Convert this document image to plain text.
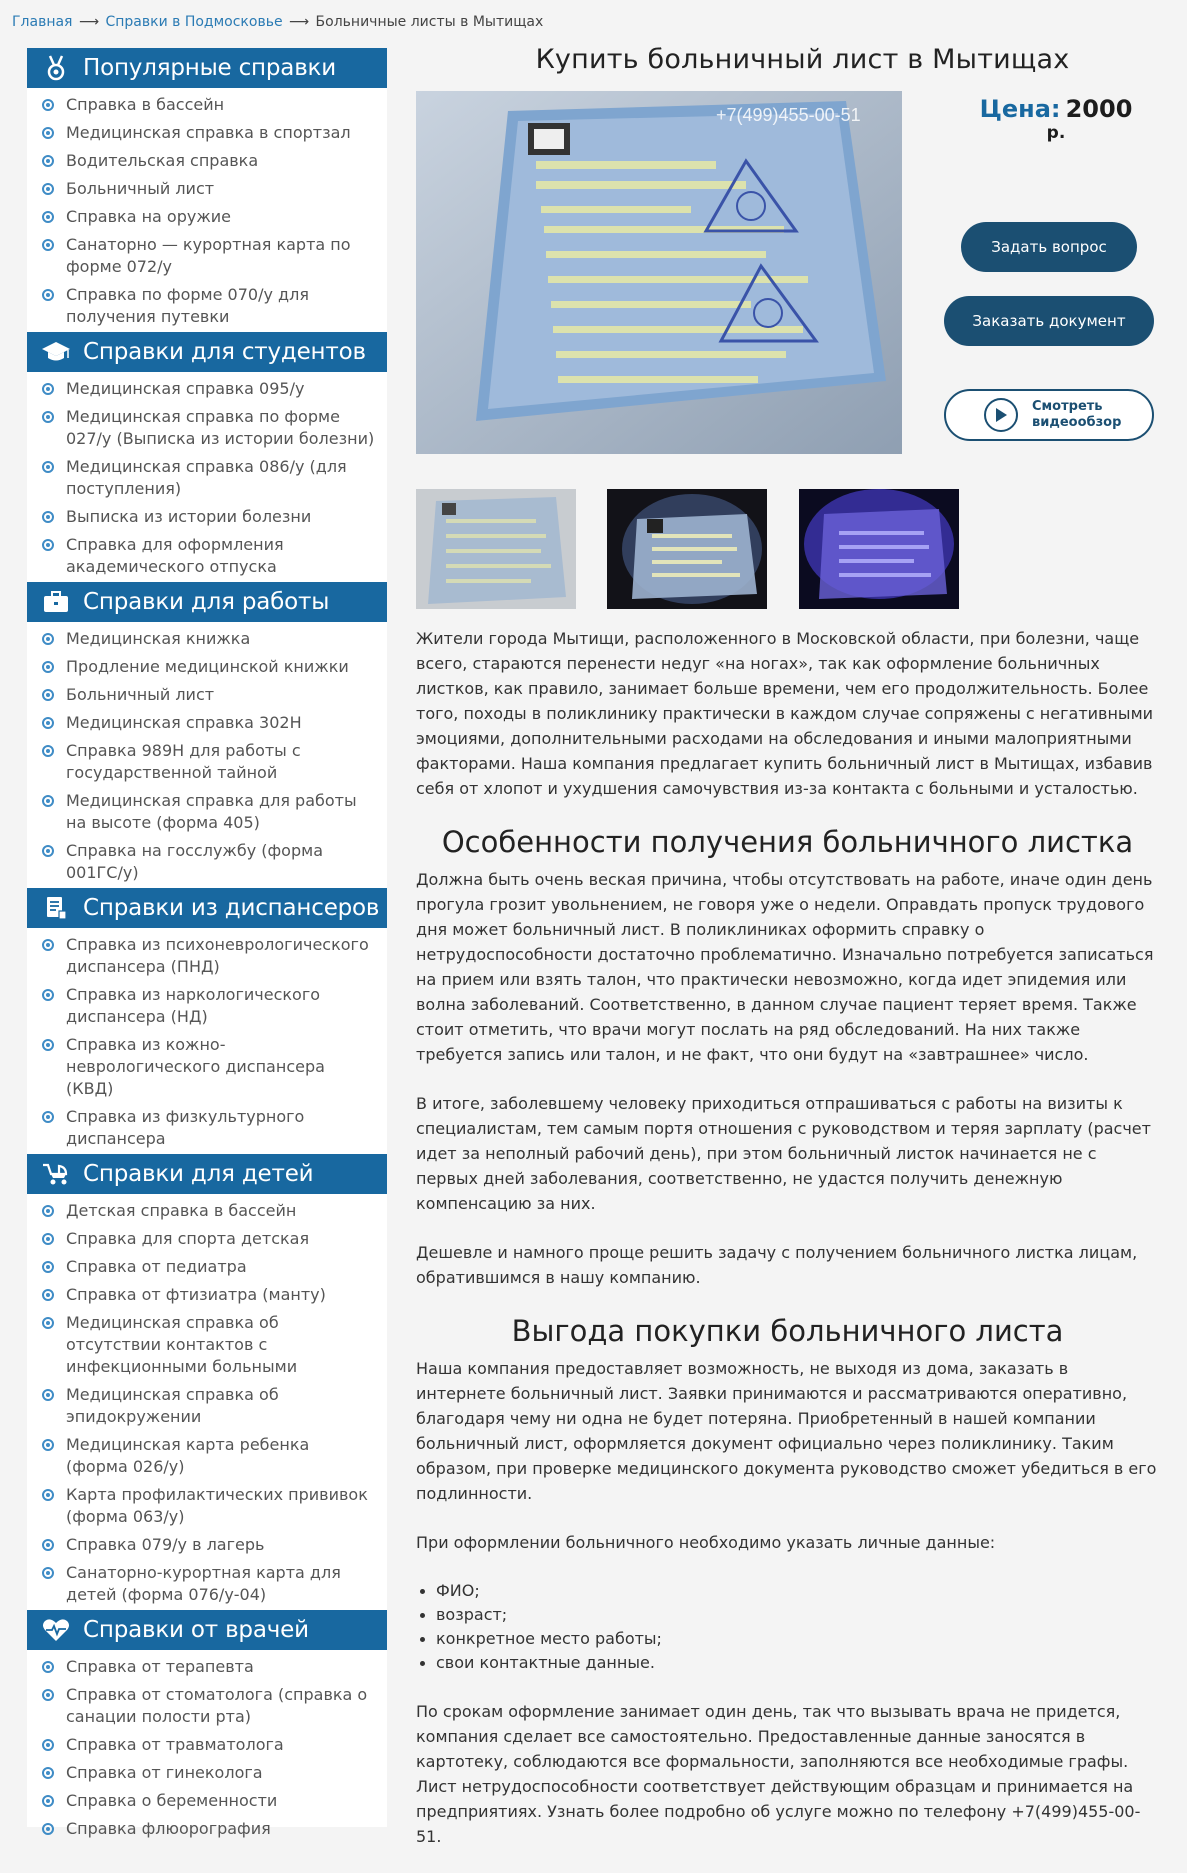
Главная ⟶ Справки в Подмосковье ⟶ Больничные листы в Мытищах
Популярные справки
Справка в бассейн
Медицинская справка в спортзал
Водительская справка
Больничный лист
Справка на оружие
Санаторно — курортная карта по форме 072/у
Справка по форме 070/у для получения путевки
Справки для студентов
Медицинская справка 095/у
Медицинская справка по форме 027/у (Выписка из истории болезни)
Медицинская справка 086/у (для поступления)
Выписка из истории болезни
Справка для оформления академического отпуска
Справки для работы
Медицинская книжка
Продление медицинской книжки
Больничный лист
Медицинская справка 302Н
Справка 989Н для работы с государственной тайной
Медицинская справка для работы на высоте (форма 405)
Справка на госслужбу (форма 001ГС/у)
Справки из диспансеров
Справка из психоневрологического диспансера (ПНД)
Справка из наркологического диспансера (НД)
Справка из кожно-неврологического диспансера (КВД)
Справка из физкультурного диспансера
Справки для детей
Детская справка в бассейн
Справка для спорта детская
Справка от педиатра
Справка от фтизиатра (манту)
Медицинская справка об отсутствии контактов с инфекционными больными
Медицинская справка об эпидокружении
Медицинская карта ребенка (форма 026/у)
Карта профилактических прививок (форма 063/у)
Справка 079/у в лагерь
Санаторно-курортная карта для детей (форма 076/у-04)
Справки от врачей
Справка от терапевта
Справка от стоматолога (справка о санации полости рта)
Справка от травматолога
Справка от гинеколога
Справка о беременности
Справка флюорография
Купить больничный лист в Мытищах
+7(499)455-00-51	Цена: 2000 р.
Задать вопрос
Заказать документ
Смотреть
видеообзор

Жители города Мытищи, расположенного в Московской области, при болезни, чаще всего, стараются перенести недуг «на ногах», так как оформление больничных листков, как правило, занимает больше времени, чем его продолжительность. Более того, походы в поликлинику практически в каждом случае сопряжены с негативными эмоциями, дополнительными расходами на обследования и иными малоприятными факторами. Наша компания предлагает купить больничный лист в Мытищах, избавив себя от хлопот и ухудшения самочувствия из-за контакта с больными и усталостью.

Особенности получения больничного листка

Должна быть очень веская причина, чтобы отсутствовать на работе, иначе один день прогула грозит увольнением, не говоря уже о недели. Оправдать пропуск трудового дня может больничный лист. В поликлиниках оформить справку о нетрудоспособности достаточно проблематично. Изначально потребуется записаться на прием или взять талон, что практически невозможно, когда идет эпидемия или волна заболеваний. Соответственно, в данном случае пациент теряет время. Также стоит отметить, что врачи могут послать на ряд обследований. На них также требуется запись или талон, и не факт, что они будут на «завтрашнее» число.

В итоге, заболевшему человеку приходиться отпрашиваться с работы на визиты к специалистам, тем самым портя отношения с руководством и теряя зарплату (расчет идет за неполный рабочий день), при этом больничный листок начинается не с первых дней заболевания, соответственно, не удастся получить денежную компенсацию за них.

Дешевле и намного проще решить задачу с получением больничного листка лицам, обратившимся в нашу компанию.

Выгода покупки больничного листа

Наша компания предоставляет возможность, не выходя из дома, заказать в интернете больничный лист. Заявки принимаются и рассматриваются оперативно, благодаря чему ни одна не будет потеряна. Приобретенный в нашей компании больничный лист, оформляется документ официально через поликлинику. Таким образом, при проверке медицинского документа руководство сможет убедиться в его подлинности.

При оформлении больничного необходимо указать личные данные:

ФИО;
возраст;
конкретное место работы;
свои контактные данные.

По срокам оформление занимает один день, так что вызывать врача не придется, компания сделает все самостоятельно. Предоставленные данные заносятся в картотеку, соблюдаются все формальности, заполняются все необходимые графы. Лист нетрудоспособности соответствует действующим образцам и принимается на предприятиях. Узнать более подробно об услуге можно по телефону +7(499)455-00-51.
